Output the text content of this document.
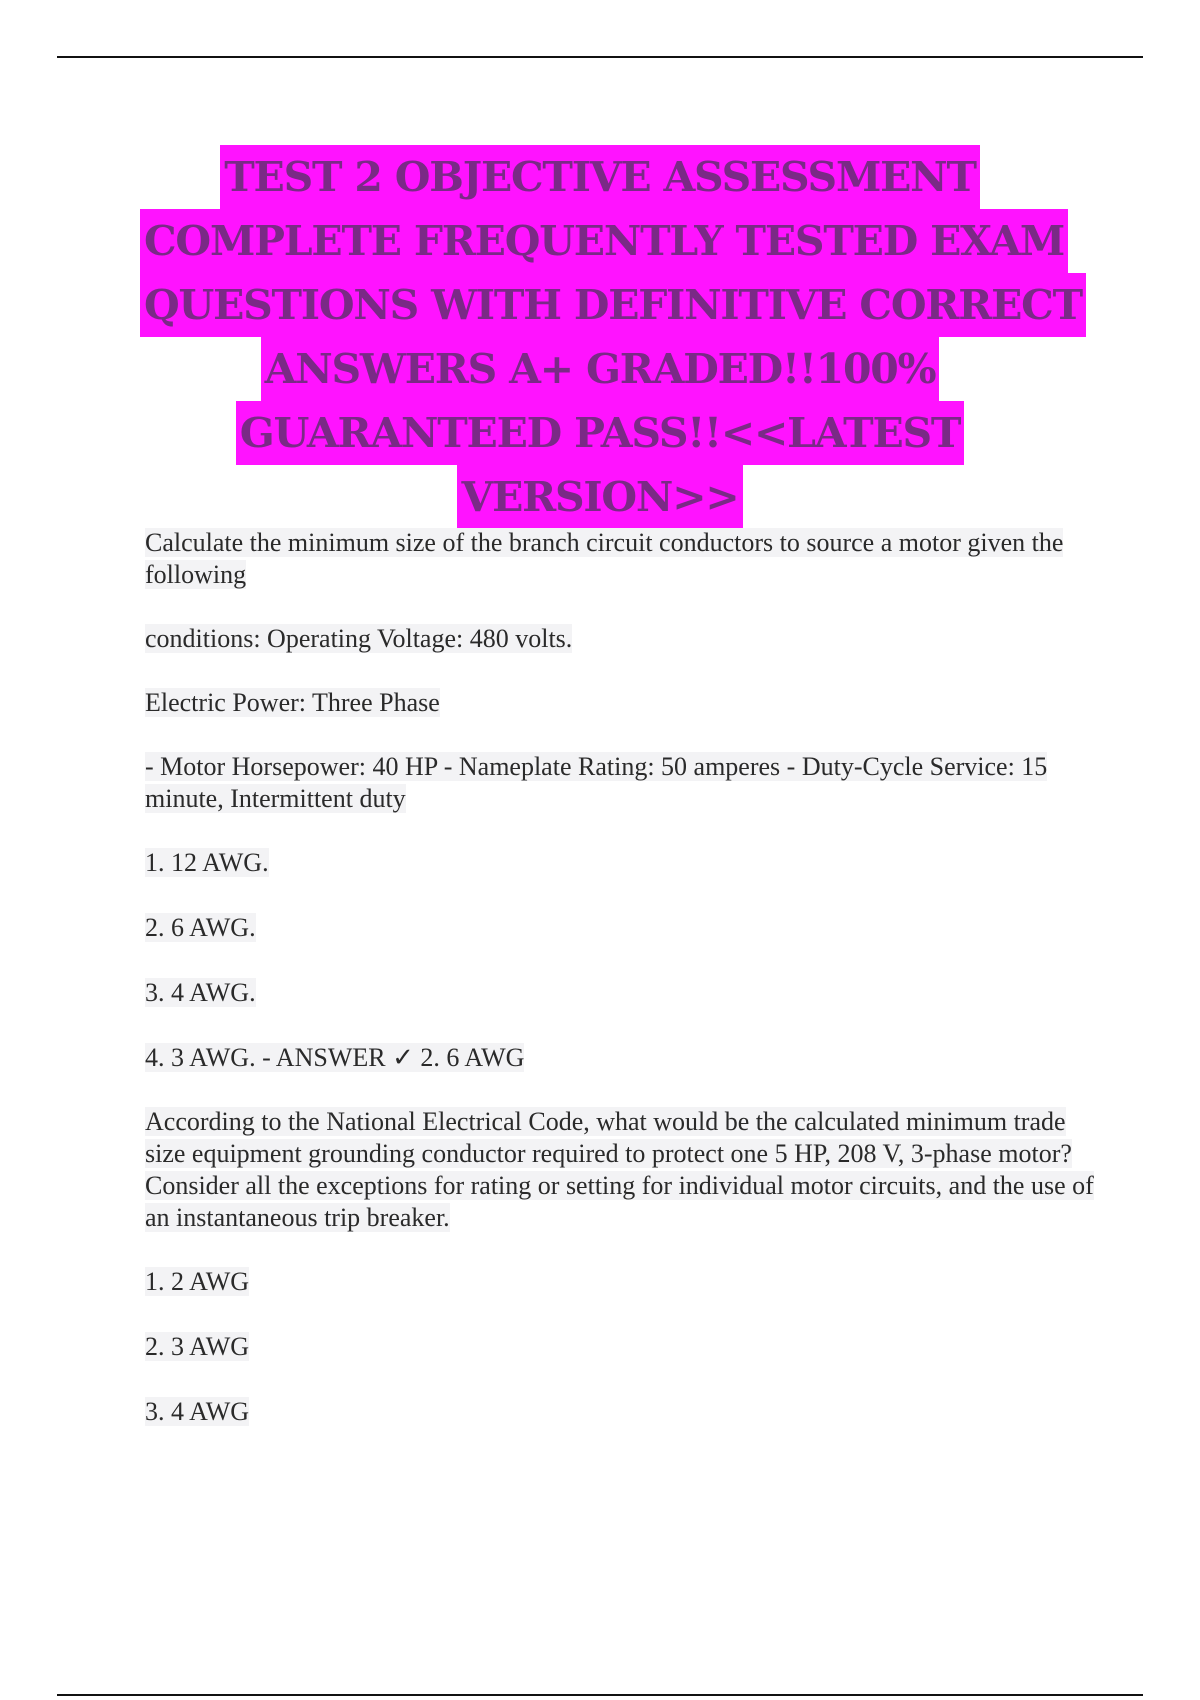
TEST 2 OBJECTIVE ASSESSMENT
COMPLETE FREQUENTLY TESTED EXAM
QUESTIONS WITH DEFINITIVE CORRECT
ANSWERS A+ GRADED!!100%
GUARANTEED PASS!!<<LATEST
VERSION>>

Calculate the minimum size of the branch circuit conductors to source a motor given the following

conditions: Operating Voltage: 480 volts.

Electric Power: Three Phase

- Motor Horsepower: 40 HP - Nameplate Rating: 50 amperes - Duty-Cycle Service: 15 minute, Intermittent duty

1. 12 AWG.

2. 6 AWG.

3. 4 AWG.

4. 3 AWG. - ANSWER ✓ 2. 6 AWG

According to the National Electrical Code, what would be the calculated minimum trade size equipment grounding conductor required to protect one 5 HP, 208 V, 3-phase motor? Consider all the exceptions for rating or setting for individual motor circuits, and the use of an instantaneous trip breaker.

1. 2 AWG

2. 3 AWG

3. 4 AWG
